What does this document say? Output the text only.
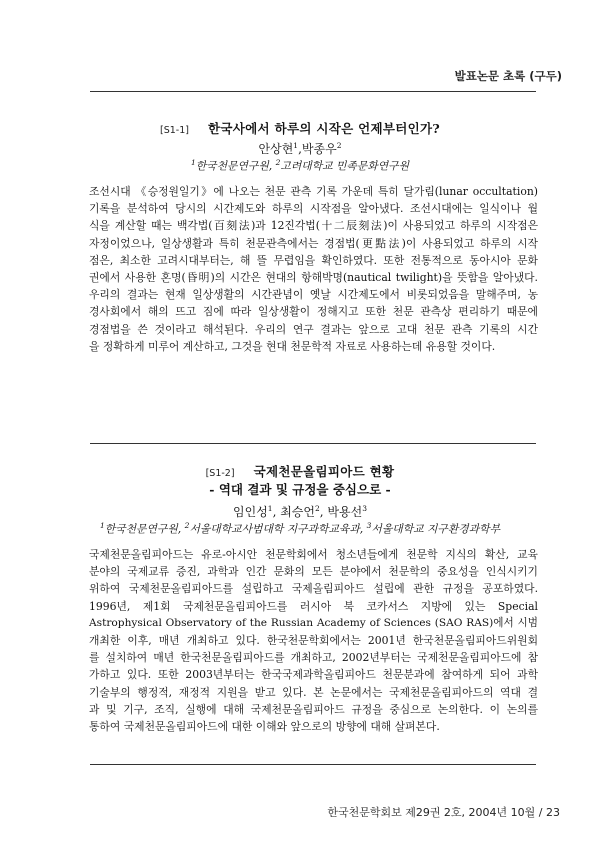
발표논문 초록 (구두)
[S1-1] 한국사에서 하루의 시작은 언제부터인가?
안상현$^1$,박종우$^2$
$^1$한국천문연구원, $^2$고려대학교 민족문화연구원

조선시대 《승정원일기》에 나오는 천문 관측 기록 가운데 특히 달가림(lunar occultation)
기록을 분석하여 당시의 시간제도와 하루의 시작점을 알아냈다. 조선시대에는 일식이나 월
식을 계산할 때는 백각법(百刻法)과 12진각법(十二辰刻法)이 사용되었고 하루의 시작점은
자정이었으나, 일상생활과 특히 천문관측에서는 경점법(更點法)이 사용되었고 하루의 시작
점은, 최소한 고려시대부터는, 해 뜰 무렵임을 확인하였다. 또한 전통적으로 동아시아 문화
권에서 사용한 혼명(昏明)의 시간은 현대의 항해박명(nautical twilight)을 뜻함을 알아냈다.
우리의 결과는 현재 일상생활의 시간관념이 옛날 시간제도에서 비롯되었음을 말해주며, 농
경사회에서 해의 뜨고 짐에 따라 일상생활이 정해지고 또한 천문 관측상 편리하기 때문에
경점법을 쓴 것이라고 해석된다. 우리의 연구 결과는 앞으로 고대 천문 관측 기록의 시간
을 정확하게 미루어 계산하고, 그것을 현대 천문학적 자료로 사용하는데 유용할 것이다.

[S1-2] 국제천문올림피아드 현황
- 역대 결과 및 규정을 중심으로 -
임인성$^1$, 최승언$^2$, 박용선$^3$
$^1$한국천문연구원, $^2$서울대학교사범대학 지구과학교육과, $^3$서울대학교 지구환경과학부

국제천문올림피아드는 유로-아시안 천문학회에서 청소년들에게 천문학 지식의 확산, 교육
분야의 국제교류 증진, 과학과 인간 문화의 모든 분야에서 천문학의 중요성을 인식시키기
위하여 국제천문올림피아드를 설립하고 국제올림피아드 설립에 관한 규정을 공포하였다.
1996년, 제1회 국제천문올림피아드를 러시아 북 코카서스 지방에 있는 Special
Astrophysical Observatory of the Russian Academy of Sciences (SAO RAS)에서 시범
개최한 이후, 매년 개최하고 있다. 한국천문학회에서는 2001년 한국천문올림피아드위원회
를 설치하여 매년 한국천문올림피아드를 개최하고, 2002년부터는 국제천문올림피아드에 참
가하고 있다. 또한 2003년부터는 한국국제과학올림피아드 천문분과에 참여하게 되어 과학
기술부의 행정적, 재정적 지원을 받고 있다. 본 논문에서는 국제천문올림피아드의 역대 결
과 및 기구, 조직, 실행에 대해 국제천문올림피아드 규정을 중심으로 논의한다. 이 논의를
통하여 국제천문올림피아드에 대한 이해와 앞으로의 방향에 대해 살펴본다.

한국천문학회보 제29권 2호, 2004년 10월 / 23
